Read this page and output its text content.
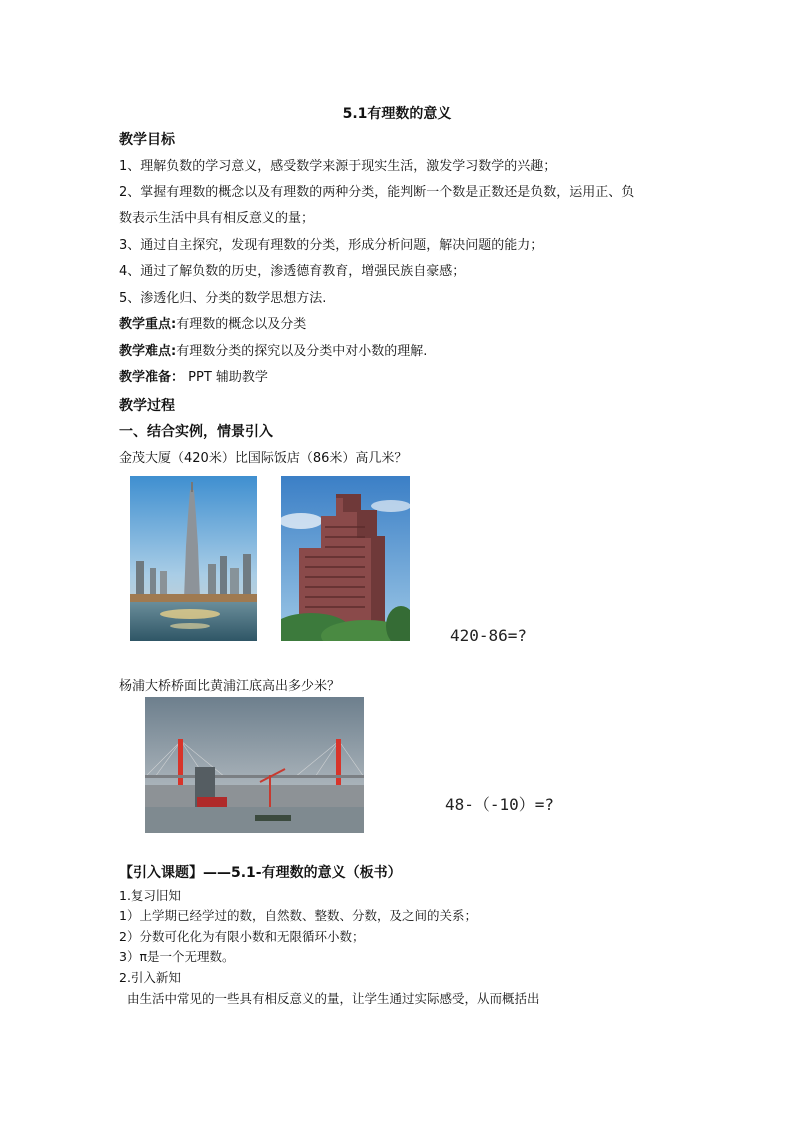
5.1有理数的意义
教学目标
1、理解负数的学习意义，感受数学来源于现实生活，激发学习数学的兴趣；
2、掌握有理数的概念以及有理数的两种分类，能判断一个数是正数还是负数，运用正、负
数表示生活中具有相反意义的量；
3、通过自主探究，发现有理数的分类，形成分析问题，解决问题的能力；
4、通过了解负数的历史，渗透德育教育，增强民族自豪感；
5、渗透化归、分类的数学思想方法.
教学重点:有理数的概念以及分类
教学难点:有理数分类的探究以及分类中对小数的理解.
教学准备： PPT 辅助教学
教学过程
一、结合实例，情景引入
金茂大厦（420米）比国际饭店（86米）高几米？
420-86=?
杨浦大桥桥面比黄浦江底高出多少米？
48-（-10）=?
【引入课题】——5.1-有理数的意义（板书）
1.复习旧知
1）上学期已经学过的数，自然数、整数、分数，及之间的关系；
2）分数可化化为有限小数和无限循环小数；
3）π是一个无理数。
2.引入新知
由生活中常见的一些具有相反意义的量，让学生通过实际感受，从而概括出
